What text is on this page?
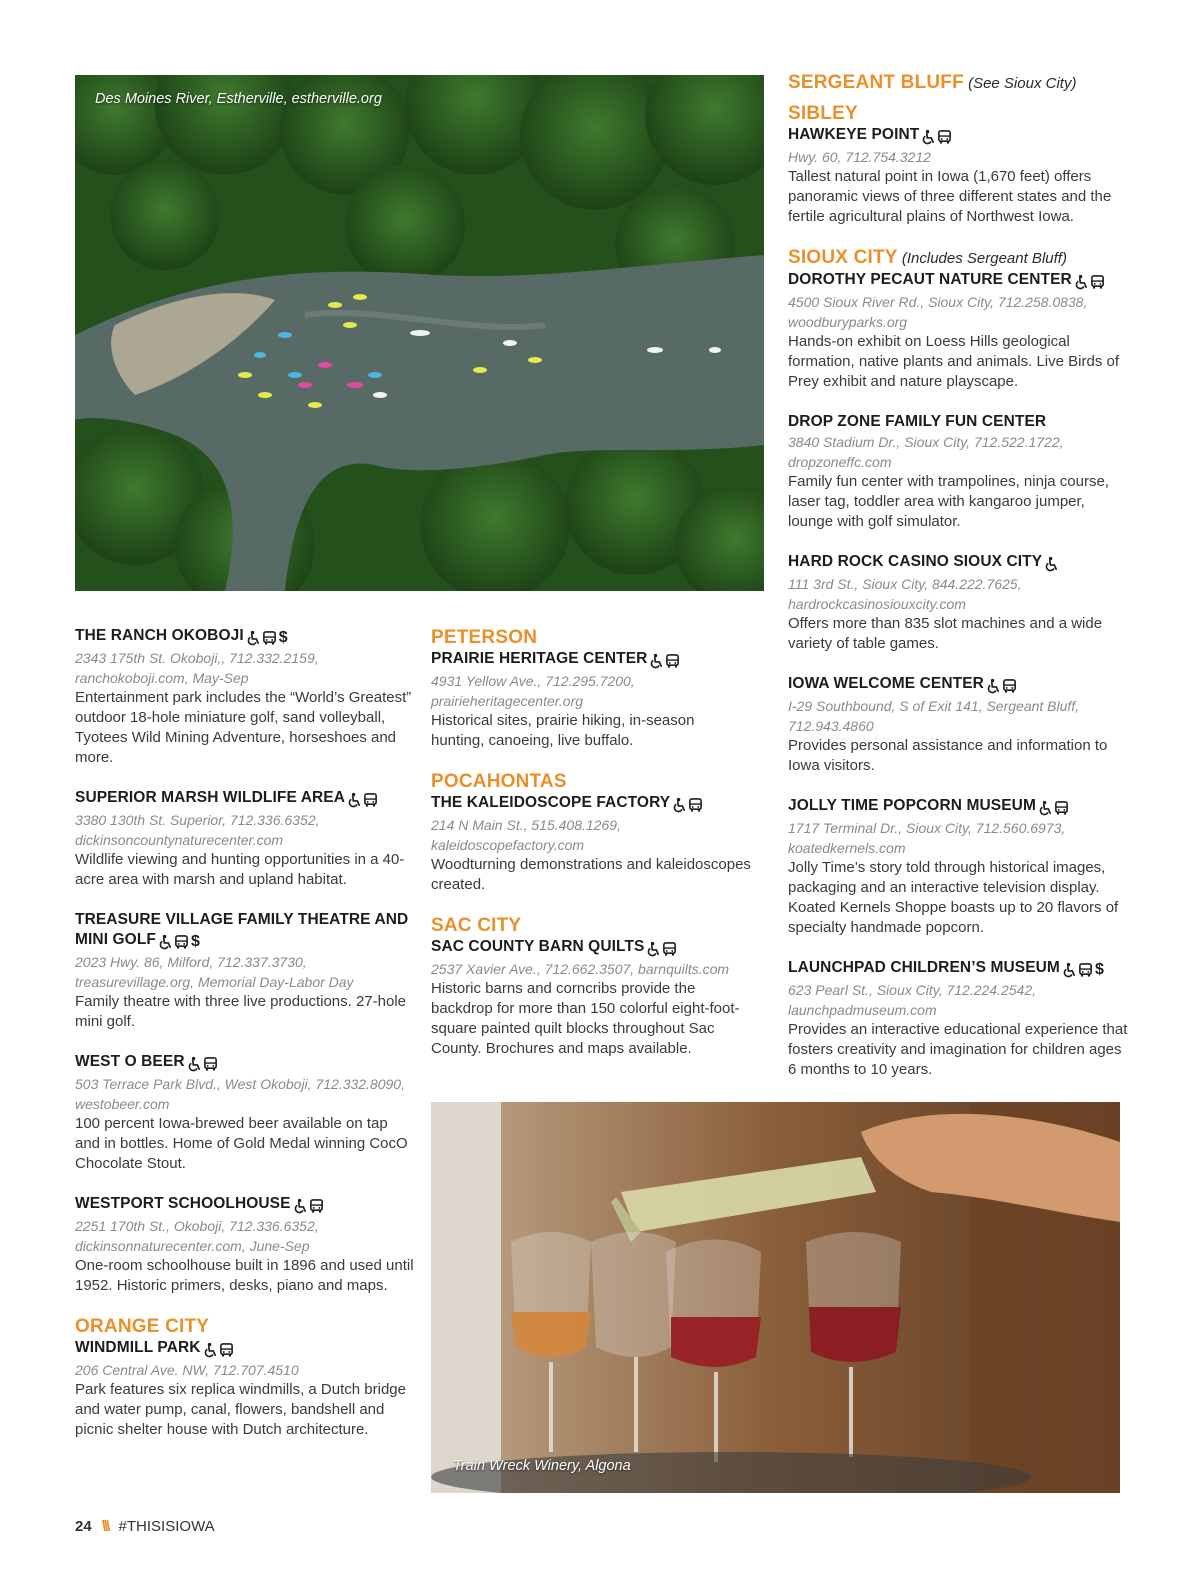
Des Moines River, Estherville, estherville.org
Train Wreck Winery, Algona
THE RANCH OKOBOJI $
2343 175th St. Okoboji,, 712.332.2159, ranchokoboji.com, May-Sep
Entertainment park includes the “World’s Greatest” outdoor 18-hole miniature golf, sand volleyball, Tyotees Wild Mining Adventure, horseshoes and more.
SUPERIOR MARSH WILDLIFE AREA
3380 130th St. Superior, 712.336.6352, dickinsoncountynaturecenter.com
Wildlife viewing and hunting opportunities in a 40-acre area with marsh and upland habitat.
TREASURE VILLAGE FAMILY THEATRE AND MINI GOLF $
2023 Hwy. 86, Milford, 712.337.3730, treasurevillage.org, Memorial Day-Labor Day
Family theatre with three live productions. 27-hole mini golf.
WEST O BEER
503 Terrace Park Blvd., West Okoboji, 712.332.8090, westobeer.com
100 percent Iowa-brewed beer available on tap and in bottles. Home of Gold Medal winning CocO Chocolate Stout.
WESTPORT SCHOOLHOUSE
2251 170th St., Okoboji, 712.336.6352, dickinsonnaturecenter.com, June-Sep
One-room schoolhouse built in 1896 and used until 1952. Historic primers, desks, piano and maps.
ORANGE CITY
WINDMILL PARK
206 Central Ave. NW, 712.707.4510
Park features six replica windmills, a Dutch bridge and water pump, canal, flowers, bandshell and picnic shelter house with Dutch architecture.
PETERSON
PRAIRIE HERITAGE CENTER
4931 Yellow Ave., 712.295.7200, prairieheritagecenter.org
Historical sites, prairie hiking, in-season hunting, canoeing, live buffalo.
POCAHONTAS
THE KALEIDOSCOPE FACTORY
214 N Main St., 515.408.1269, kaleidoscopefactory.com
Woodturning demonstrations and kaleidoscopes created.
SAC CITY
SAC COUNTY BARN QUILTS
2537 Xavier Ave., 712.662.3507, barnquilts.com
Historic barns and corncribs provide the backdrop for more than 150 colorful eight-foot-square painted quilt blocks throughout Sac County. Brochures and maps available.
SERGEANT BLUFF (See Sioux City)
SIBLEY
HAWKEYE POINT
Hwy. 60, 712.754.3212
Tallest natural point in Iowa (1,670 feet) offers panoramic views of three different states and the fertile agricultural plains of Northwest Iowa.
SIOUX CITY (Includes Sergeant Bluff)
DOROTHY PECAUT NATURE CENTER
4500 Sioux River Rd., Sioux City, 712.258.0838, woodburyparks.org
Hands-on exhibit on Loess Hills geological formation, native plants and animals. Live Birds of Prey exhibit and nature playscape.
DROP ZONE FAMILY FUN CENTER
3840 Stadium Dr., Sioux City, 712.522.1722, dropzoneffc.com
Family fun center with trampolines, ninja course, laser tag, toddler area with kangaroo jumper, lounge with golf simulator.
HARD ROCK CASINO SIOUX CITY
111 3rd St., Sioux City, 844.222.7625, hardrockcasinosiouxcity.com
Offers more than 835 slot machines and a wide variety of table games.
IOWA WELCOME CENTER
I-29 Southbound, S of Exit 141, Sergeant Bluff, 712.943.4860
Provides personal assistance and information to Iowa visitors.
JOLLY TIME POPCORN MUSEUM
1717 Terminal Dr., Sioux City, 712.560.6973, koatedkernels.com
Jolly Time’s story told through historical images, packaging and an interactive television display. Koated Kernels Shoppe boasts up to 20 flavors of specialty handmade popcorn.
LAUNCHPAD CHILDREN’S MUSEUM $
623 Pearl St., Sioux City, 712.224.2542, launchpadmuseum.com
Provides an interactive educational experience that fosters creativity and imagination for children ages 6 months to 10 years.
24 \\\ #THISISIOWA
